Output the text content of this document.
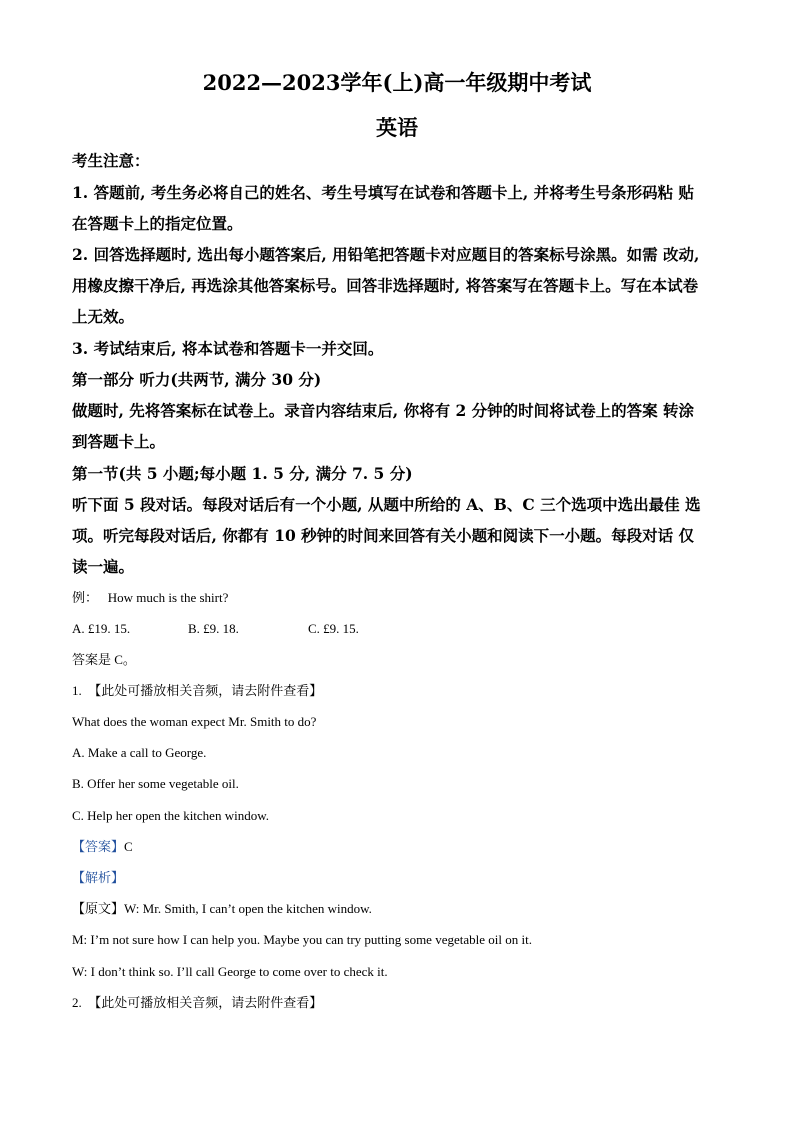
2022—2023学年(上)高一年级期中考试
英语
考生注意：
1. 答题前, 考生务必将自己的姓名、考生号填写在试卷和答题卡上, 并将考生号条形码粘 贴
在答题卡上的指定位置。
2. 回答选择题时, 选出每小题答案后, 用铅笔把答题卡对应题目的答案标号涂黑。如需 改动,
用橡皮擦干净后, 再选涂其他答案标号。回答非选择题时, 将答案写在答题卡上。写在本试卷
上无效。
3. 考试结束后, 将本试卷和答题卡一并交回。
第一部分 听力(共两节, 满分 30 分)
做题时, 先将答案标在试卷上。录音内容结束后, 你将有 2 分钟的时间将试卷上的答案 转涂
到答题卡上。
第一节(共 5 小题;每小题 1. 5 分, 满分 7. 5 分)
听下面 5 段对话。每段对话后有一个小题, 从题中所给的 A、B、C 三个选项中选出最佳 选
项。听完每段对话后, 你都有 10 秒钟的时间来回答有关小题和阅读下一小题。每段对话 仅
读一遍。
例： How much is the shirt?
A. £19. 15.	B. £9. 18.	C. £9. 15.
答案是 C。
1. 【此处可播放相关音频，请去附件查看】
What does the woman expect Mr. Smith to do?
A. Make a call to George.
B. Offer her some vegetable oil.
C. Help her open the kitchen window.
【答案】C
【解析】
【原文】W: Mr. Smith, I can’t open the kitchen window.
M: I’m not sure how I can help you. Maybe you can try putting some vegetable oil on it.
W: I don’t think so. I’ll call George to come over to check it.
2. 【此处可播放相关音频，请去附件查看】
